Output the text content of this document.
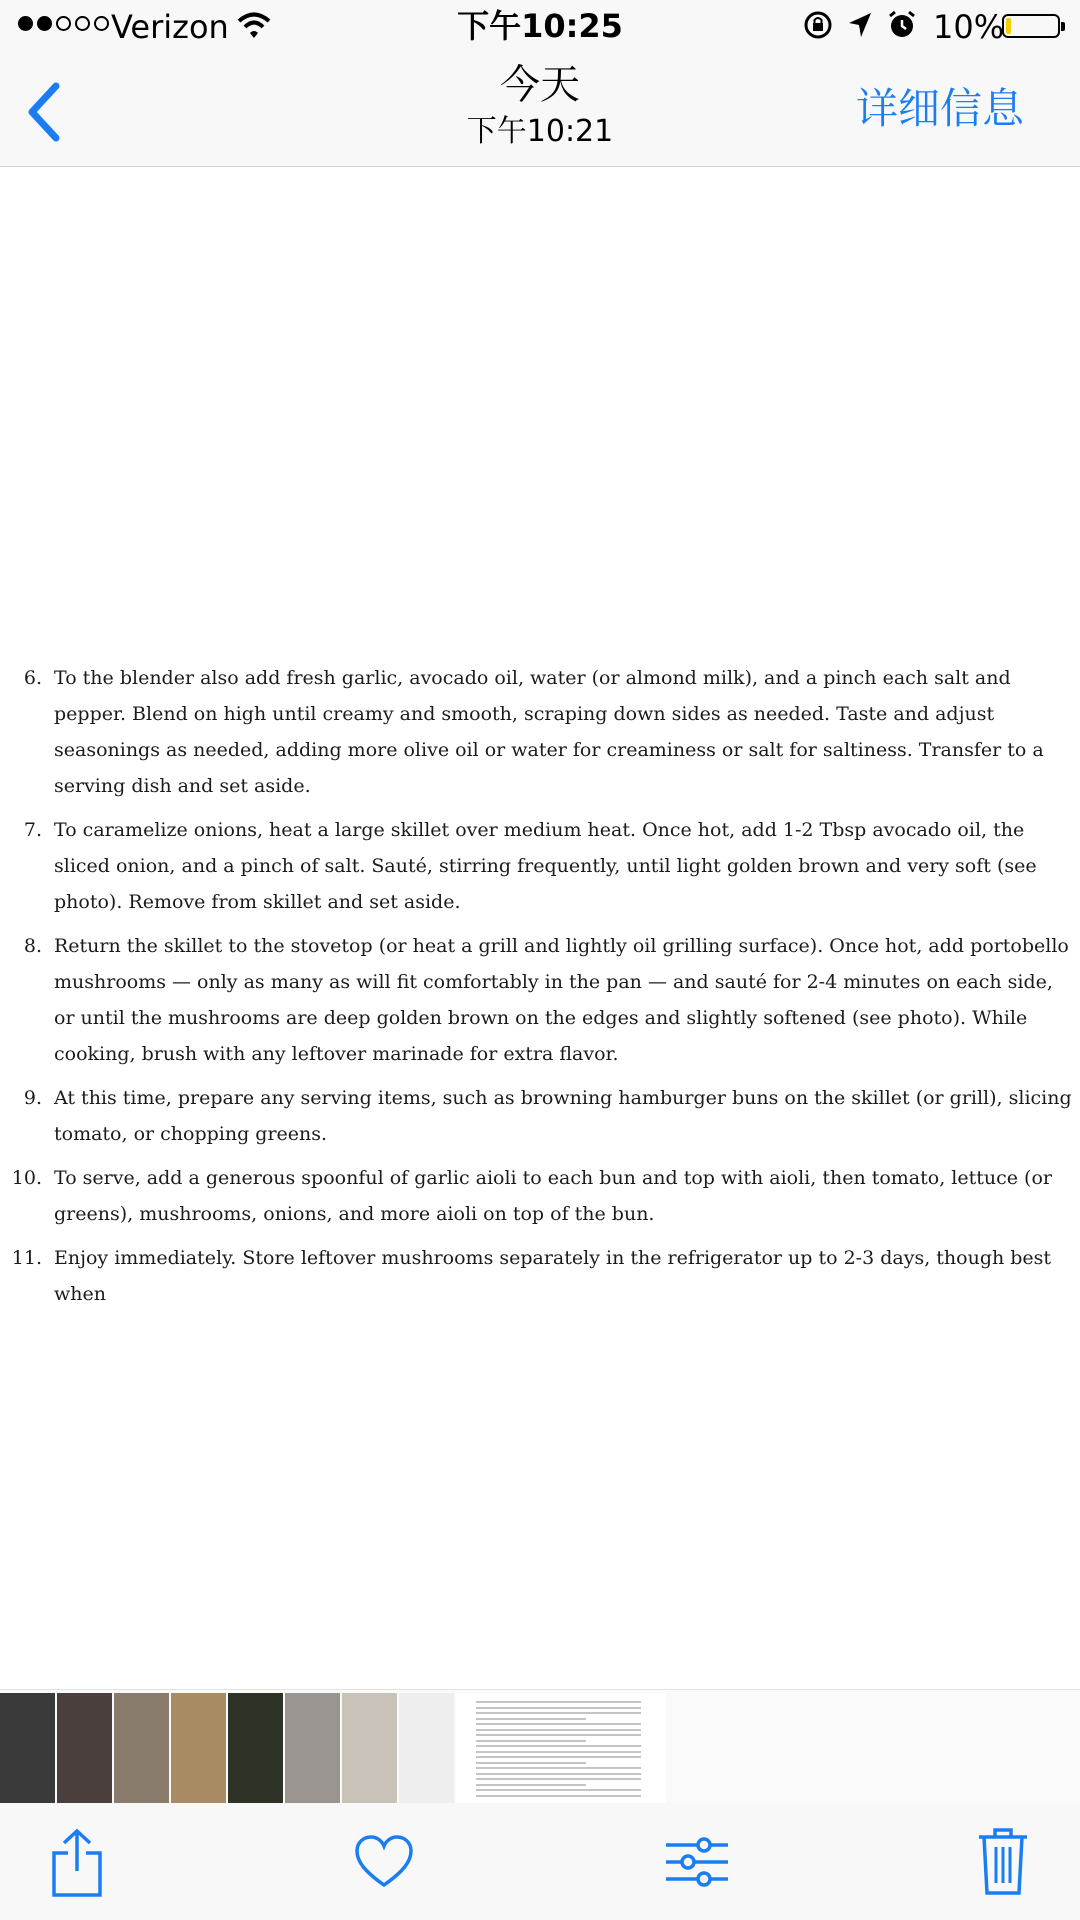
Verizon	下午10:25	10%
今天
下午10:21	详细信息
6. To the blender also add fresh garlic, avocado oil, water (or almond milk), and a pinch each salt and pepper. Blend on high until creamy and smooth, scraping down sides as needed. Taste and adjust seasonings as needed, adding more olive oil or water for creaminess or salt for saltiness. Transfer to a serving dish and set aside.
7. To caramelize onions, heat a large skillet over medium heat. Once hot, add 1-2 Tbsp avocado oil, the sliced onion, and a pinch of salt. Sauté, stirring frequently, until light golden brown and very soft (see photo). Remove from skillet and set aside.
8. Return the skillet to the stovetop (or heat a grill and lightly oil grilling surface). Once hot, add portobello mushrooms — only as many as will fit comfortably in the pan — and sauté for 2-4 minutes on each side, or until the mushrooms are deep golden brown on the edges and slightly softened (see photo). While cooking, brush with any leftover marinade for extra flavor.
9. At this time, prepare any serving items, such as browning hamburger buns on the skillet (or grill), slicing tomato, or chopping greens.
10. To serve, add a generous spoonful of garlic aioli to each bun and top with aioli, then tomato, lettuce (or greens), mushrooms, onions, and more aioli on top of the bun.
11. Enjoy immediately. Store leftover mushrooms separately in the refrigerator up to 2-3 days, though best when
